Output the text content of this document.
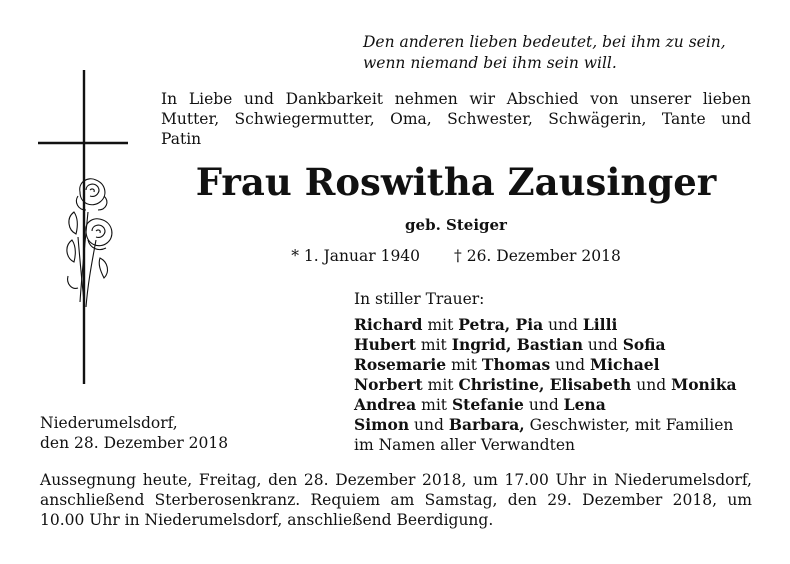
Den anderen lieben bedeutet, bei ihm zu sein,
wenn niemand bei ihm sein will.
In Liebe und Dankbarkeit nehmen wir Abschied von unserer lieben
Mutter, Schwiegermutter, Oma, Schwester, Schwägerin, Tante und
Patin
Frau Roswitha Zausinger
geb. Steiger
* 1. Januar 1940 † 26. Dezember 2018
In stiller Trauer:
Richard mit Petra, Pia und Lilli
Hubert mit Ingrid, Bastian und Sofia
Rosemarie mit Thomas und Michael
Norbert mit Christine, Elisabeth und Monika
Andrea mit Stefanie und Lena
Simon und Barbara, Geschwister, mit Familien
im Namen aller Verwandten
Niederumelsdorf,
den 28. Dezember 2018
Aussegnung heute, Freitag, den 28. Dezember 2018, um 17.00 Uhr in Niederumelsdorf,
anschließend Sterberosenkranz. Requiem am Samstag, den 29. Dezember 2018, um
10.00 Uhr in Niederumelsdorf, anschließend Beerdigung.
